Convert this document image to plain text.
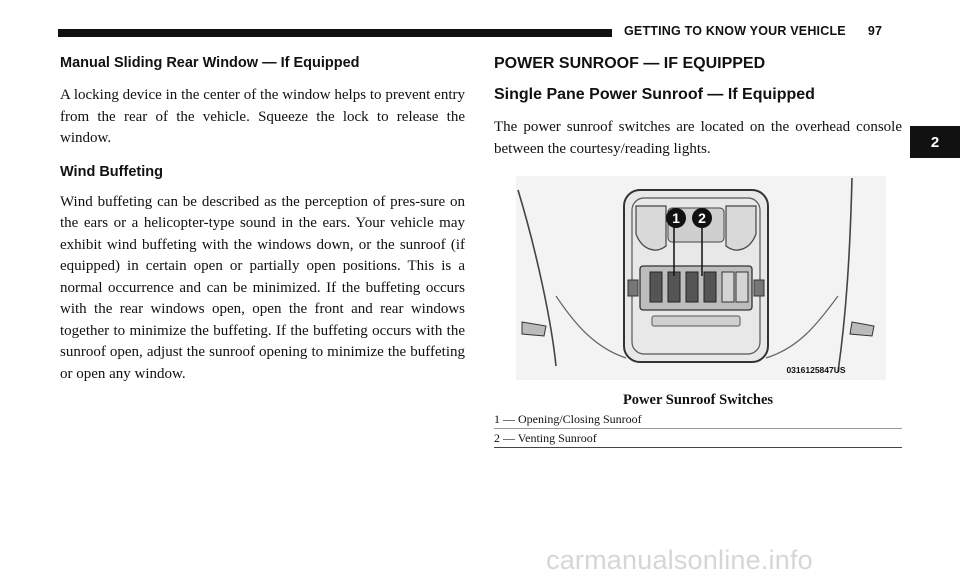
GETTING TO KNOW YOUR VEHICLE 97
2
Manual Sliding Rear Window — If Equipped

A locking device in the center of the window helps to prevent entry from the rear of the vehicle. Squeeze the lock to release the window.

Wind Buffeting

Wind buffeting can be described as the perception of pres-sure on the ears or a helicopter-type sound in the ears. Your vehicle may exhibit wind buffeting with the windows down, or the sunroof (if equipped) in certain open or partially open positions. This is a normal occurrence and can be minimized. If the buffeting occurs with the rear windows open, open the front and rear windows together to minimize the buffeting. If the buffeting occurs with the sunroof open, adjust the sunroof opening to minimize the buffeting or open any window.

POWER SUNROOF — IF EQUIPPED
Single Pane Power Sunroof — If Equipped

The power sunroof switches are located on the overhead console between the courtesy/reading lights.

1 2
0316125847US
Power Sunroof Switches
1 — Opening/Closing Sunroof
2 — Venting Sunroof
carmanualsonline.info
